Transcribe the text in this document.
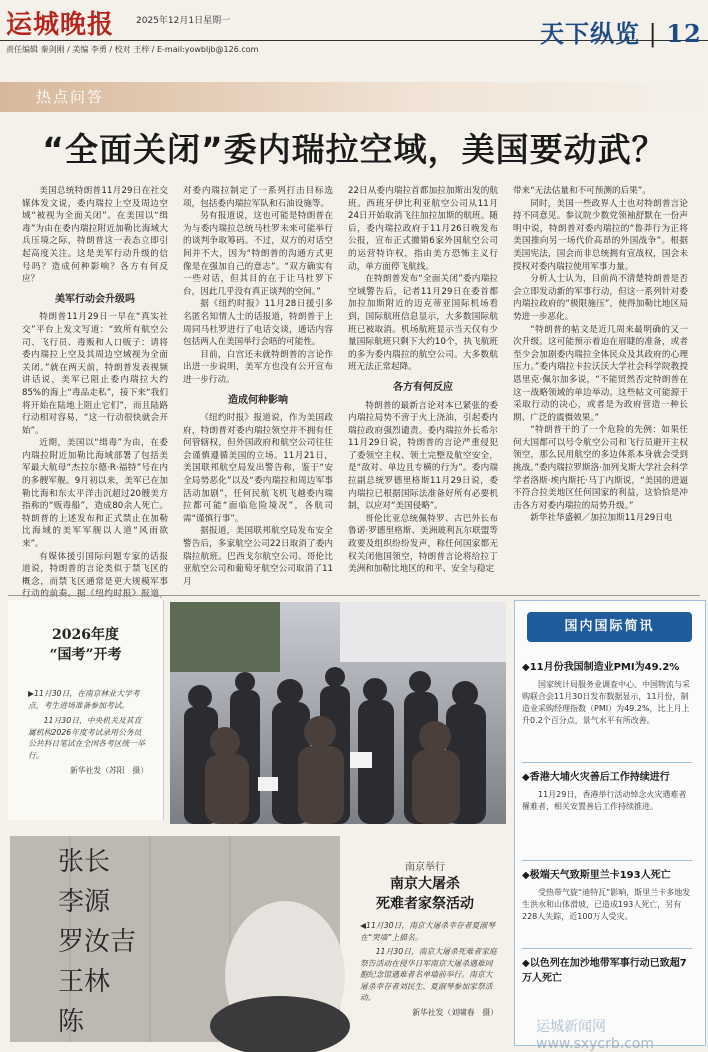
运城晚报 2025年12月1日星期一
责任编辑 秦剑刚 / 美编 李勇 / 校对 王梓 / E-mail:yowbljb@126.com
天下纵览 | 12
热点问答
“全面关闭”委内瑞拉空域，美国要动武？

美国总统特朗普11月29日在社交媒体发文说，委内瑞拉上空及周边空域“被视为全面关闭”。在美国以“缉毒”为由在委内瑞拉附近加勒比海域大兵压境之际，特朗普这一表态立即引起高度关注。这是美军行动升级的信号吗？造成何种影响？各方有何反应？

美军行动会升级吗

特朗普11月29日一早在“真实社交”平台上发文写道：“致所有航空公司、飞行员、毒贩和人口贩子：请将委内瑞拉上空及其周边空域视为全面关闭。”就在两天前，特朗普发表视频讲话说，美军已阻止委内瑞拉大约85%的海上“毒品走私”，接下来“我们将开始在陆地上阻止它们”，而且陆路行动相对容易，“这一行动很快就会开始”。

近期，美国以“缉毒”为由，在委内瑞拉附近加勒比海域部署了包括美军最大航母“杰拉尔德·R·福特”号在内的多艘军舰。9月初以来，美军已在加勒比海和东太平洋击沉超过20艘美方指称的“贩毒船”，造成80余人死亡。特朗普的上述发布和正式禁止在加勒比海域的美军军舰以人道“风雨欲来”。

有媒体援引国际问题专家的话报道说，特朗普的言论类似于禁飞区的概念，而禁飞区通常是更大规模军事

对委内瑞拉制定了一系列打击目标选项，包括委内瑞拉军队和石油设施等。

另有报道说，这也可能是特朗普在为与委内瑞拉总统马杜罗未来可能举行的谈判争取筹码。不过，双方的对话空间并不大，因为“特朗普的沟通方式更像是在强加自己的意志”。“双方确实有一些对话，但其目的在于让马杜罗下台，因此几乎没有真正谈判的空间。”

据《纽约时报》11月28日援引多名匿名知情人士的话报道，特朗普于上周同马杜罗进行了电话交谈，通话内容包括两人在美国举行会晤的可能性。

目前，白宫还未就特朗普的言论作出进一步说明，美军方也没有公开宣布进一步行动。

造成何种影响

《纽约时报》报道说，作为美国政府，特朗普对委内瑞拉领空并不拥有任何管辖权，但外国政府和航空公司往往会谨慎遵循美国的立场。11月21日，美国联邦航空局发出警告称，鉴于“安全局势恶化”以及“委内瑞拉和周边军事活动加剧”，任何民航飞机飞越委内瑞拉都可能“面临危险境况”，各航司需“谨慎行事”。

据报道，美国联邦航空局发布安全警告后，多家航空公司22日取消了委内瑞拉航班。巴西戈尔航空公司、哥伦比亚航空公司和葡萄牙航空公司取消了11月

22日从委内瑞拉首都加拉加斯出发的航班。西班牙伊比利亚航空公司从11月24日开始取消飞往加拉加斯的航班。随后，委内瑞拉政府于11月26日晚发布公报，宣布正式撤销6家外国航空公司的运营特许权，指由美方恐怖主义行动，单方面停飞航线。

在特朗普发布“全面关闭”委内瑞拉空域警告后，记者11月29日在委首都加拉加斯附近的迈克蒂亚国际机场看到，国际航班信息显示，大多数国际航班已被取消。机场航班显示当天仅有少量国际航班只剩下大约10个，执飞航班的多为委内瑞拉的航空公司。大多数航班无法正常起降。

各方有何反应

特朗普的最新言论对本已紧张的委内瑞拉局势不啻于火上浇油，引起委内瑞拉政府强烈谴责。委内瑞拉外长希尔11月29日说，特朗普的言论严重侵犯了委领空主权、领土完整及航空安全，是“敌对、单边且专横的行为”。委内瑞拉副总统罗德里格斯11月29日说，委内瑞拉已根据国际法准备好所有必要机制，以应对“美国侵略”。

哥伦比亚总统佩特罗、古巴外长布鲁诺·罗德里格斯、美洲玻利瓦尔联盟等政要及组织纷纷发声，称任何国家都无权关闭他国领空，特朗普言论将给拉丁美洲和加勒比地区的和平、安全与稳定

带来“无法估量和不可预测的后果”。

同时，美国一些政界人士也对特朗普言论持不同意见。参议院少数党领袖舒默在一份声明中说，特朗普对委内瑞拉的“鲁莽行为正将美国推向另一场代价高昂的外国战争”。根据美国宪法，国会而非总统拥有宣战权，国会未授权对委内瑞拉使用军事力量。

分析人士认为，目前尚不清楚特朗普是否会立即发动新的军事行动，但这一系列针对委内瑞拉政府的“极限施压”，使得加勒比地区局势进一步恶化。

“特朗普的帖文是近几周来最明确的又一次升级。这可能预示着迫在眉睫的准备，或者至少会加剧委内瑞拉全体民众及其政府的心理压力。”委内瑞拉卡拉沃沃大学社会科学院教授恩里克·佩尔加多说，“不能贸然否定特朗普在这一战略领域的单边举动。这些帖文可能源于采取行动的决心，或者是为政府营造一种长期、广泛的震慑效果。”

“特朗普干的了一个危险的先例：如果任何大国都可以号令航空公司和飞行员避开主权领空，那么民用航空的多边体系本身就会受到挑战。”委内瑞拉罗斯洛·加列戈斯大学社会科学学者洛斯·埃内斯托·马丁内斯说，“美国的进逼不符合拉美地区任何国家的利益，这恰恰是冲击各方对委内瑞拉的局势升级。”

新华社华盛顿／加拉加斯11月29日电

2026年度
“国考”开考

▶11月30日，在南京林业大学考点，考生进场准备参加考试。

11月30日，中央机关及其直属机构2026年度考试录用公务员公共科目笔试在全国各考区统一举行。

新华社发（苏阳　摄）

张长
李源
罗汝吉
王林
陈
南京举行
南京大屠杀
死难者家祭活动

◀11月30日，南京大屠杀幸存者夏淑琴在“哭墙”上描名。

11月30日，南京大屠杀死难者家庭祭告活动在侵华日军南京大屠杀遇难同胞纪念馆遇难者名单墙前举行。南京大屠杀幸存者刘民生、夏淑琴参加家祭活动。

新华社发（刘啸春　摄）

国内国际简讯
◆11月份我国制造业PMI为49.2%
国家统计局服务业调查中心、中国物流与采购联合会11月30日发布数据显示，11月份，制造业采购经理指数（PMI）为49.2%，比上月上升0.2个百分点，景气水平有所改善。
◆香港大埔火灾善后工作持续进行
11月29日，香港举行活动悼念火灾遇难者罹难者，相关安置善后工作持续推进。
◆极端天气致斯里兰卡193人死亡
受热带气旋“迪特瓦”影响，斯里兰卡多地发生洪水和山体滑坡，已造成193人死亡，另有228人失踪，近100万人受灾。
◆以色列在加沙地带军事行动已致超7万人死亡
运城新闻网 www.sxycrb.com
